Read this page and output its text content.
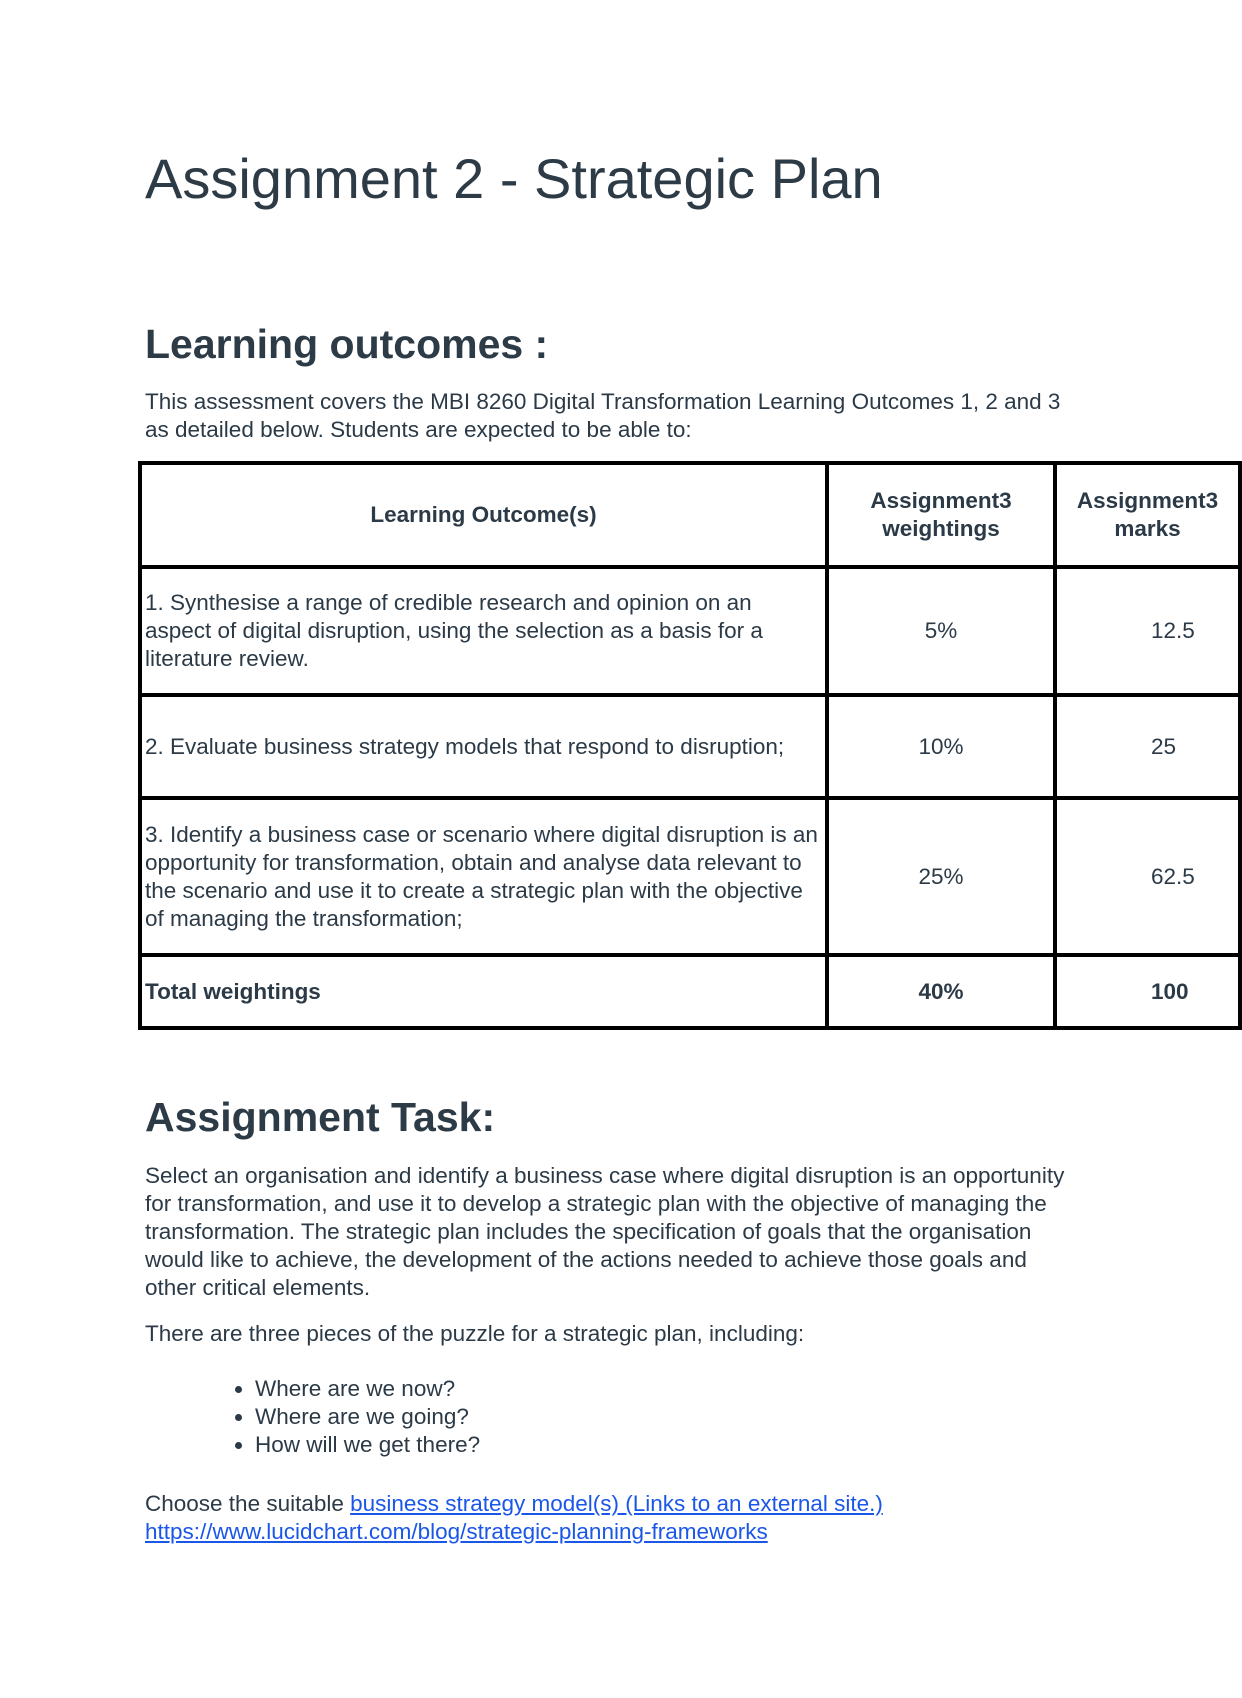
Assignment 2 - Strategic Plan
Learning outcomes :

This assessment covers the MBI 8260 Digital Transformation Learning Outcomes 1, 2 and 3 as detailed below. Students are expected to be able to:

Learning Outcome(s)	Assignment3 weightings	Assignment3 marks
1. Synthesise a range of credible research and opinion on an aspect of digital disruption, using the selection as a basis for a literature review.	5%	12.5
2. Evaluate business strategy models that respond to disruption;	10%	25
3. Identify a business case or scenario where digital disruption is an opportunity for transformation, obtain and analyse data relevant to the scenario and use it to create a strategic plan with the objective of managing the transformation;	25%	62.5
Total weightings	40%	100
Assignment Task:

Select an organisation and identify a business case where digital disruption is an opportunity for transformation, and use it to develop a strategic plan with the objective of managing the transformation. The strategic plan includes the specification of goals that the organisation would like to achieve, the development of the actions needed to achieve those goals and other critical elements.

There are three pieces of the puzzle for a strategic plan, including:

• Where are we now?
• Where are we going?
• How will we get there?

Choose the suitable business strategy model(s) (Links to an external site.)
https://www.lucidchart.com/blog/strategic-planning-frameworks
